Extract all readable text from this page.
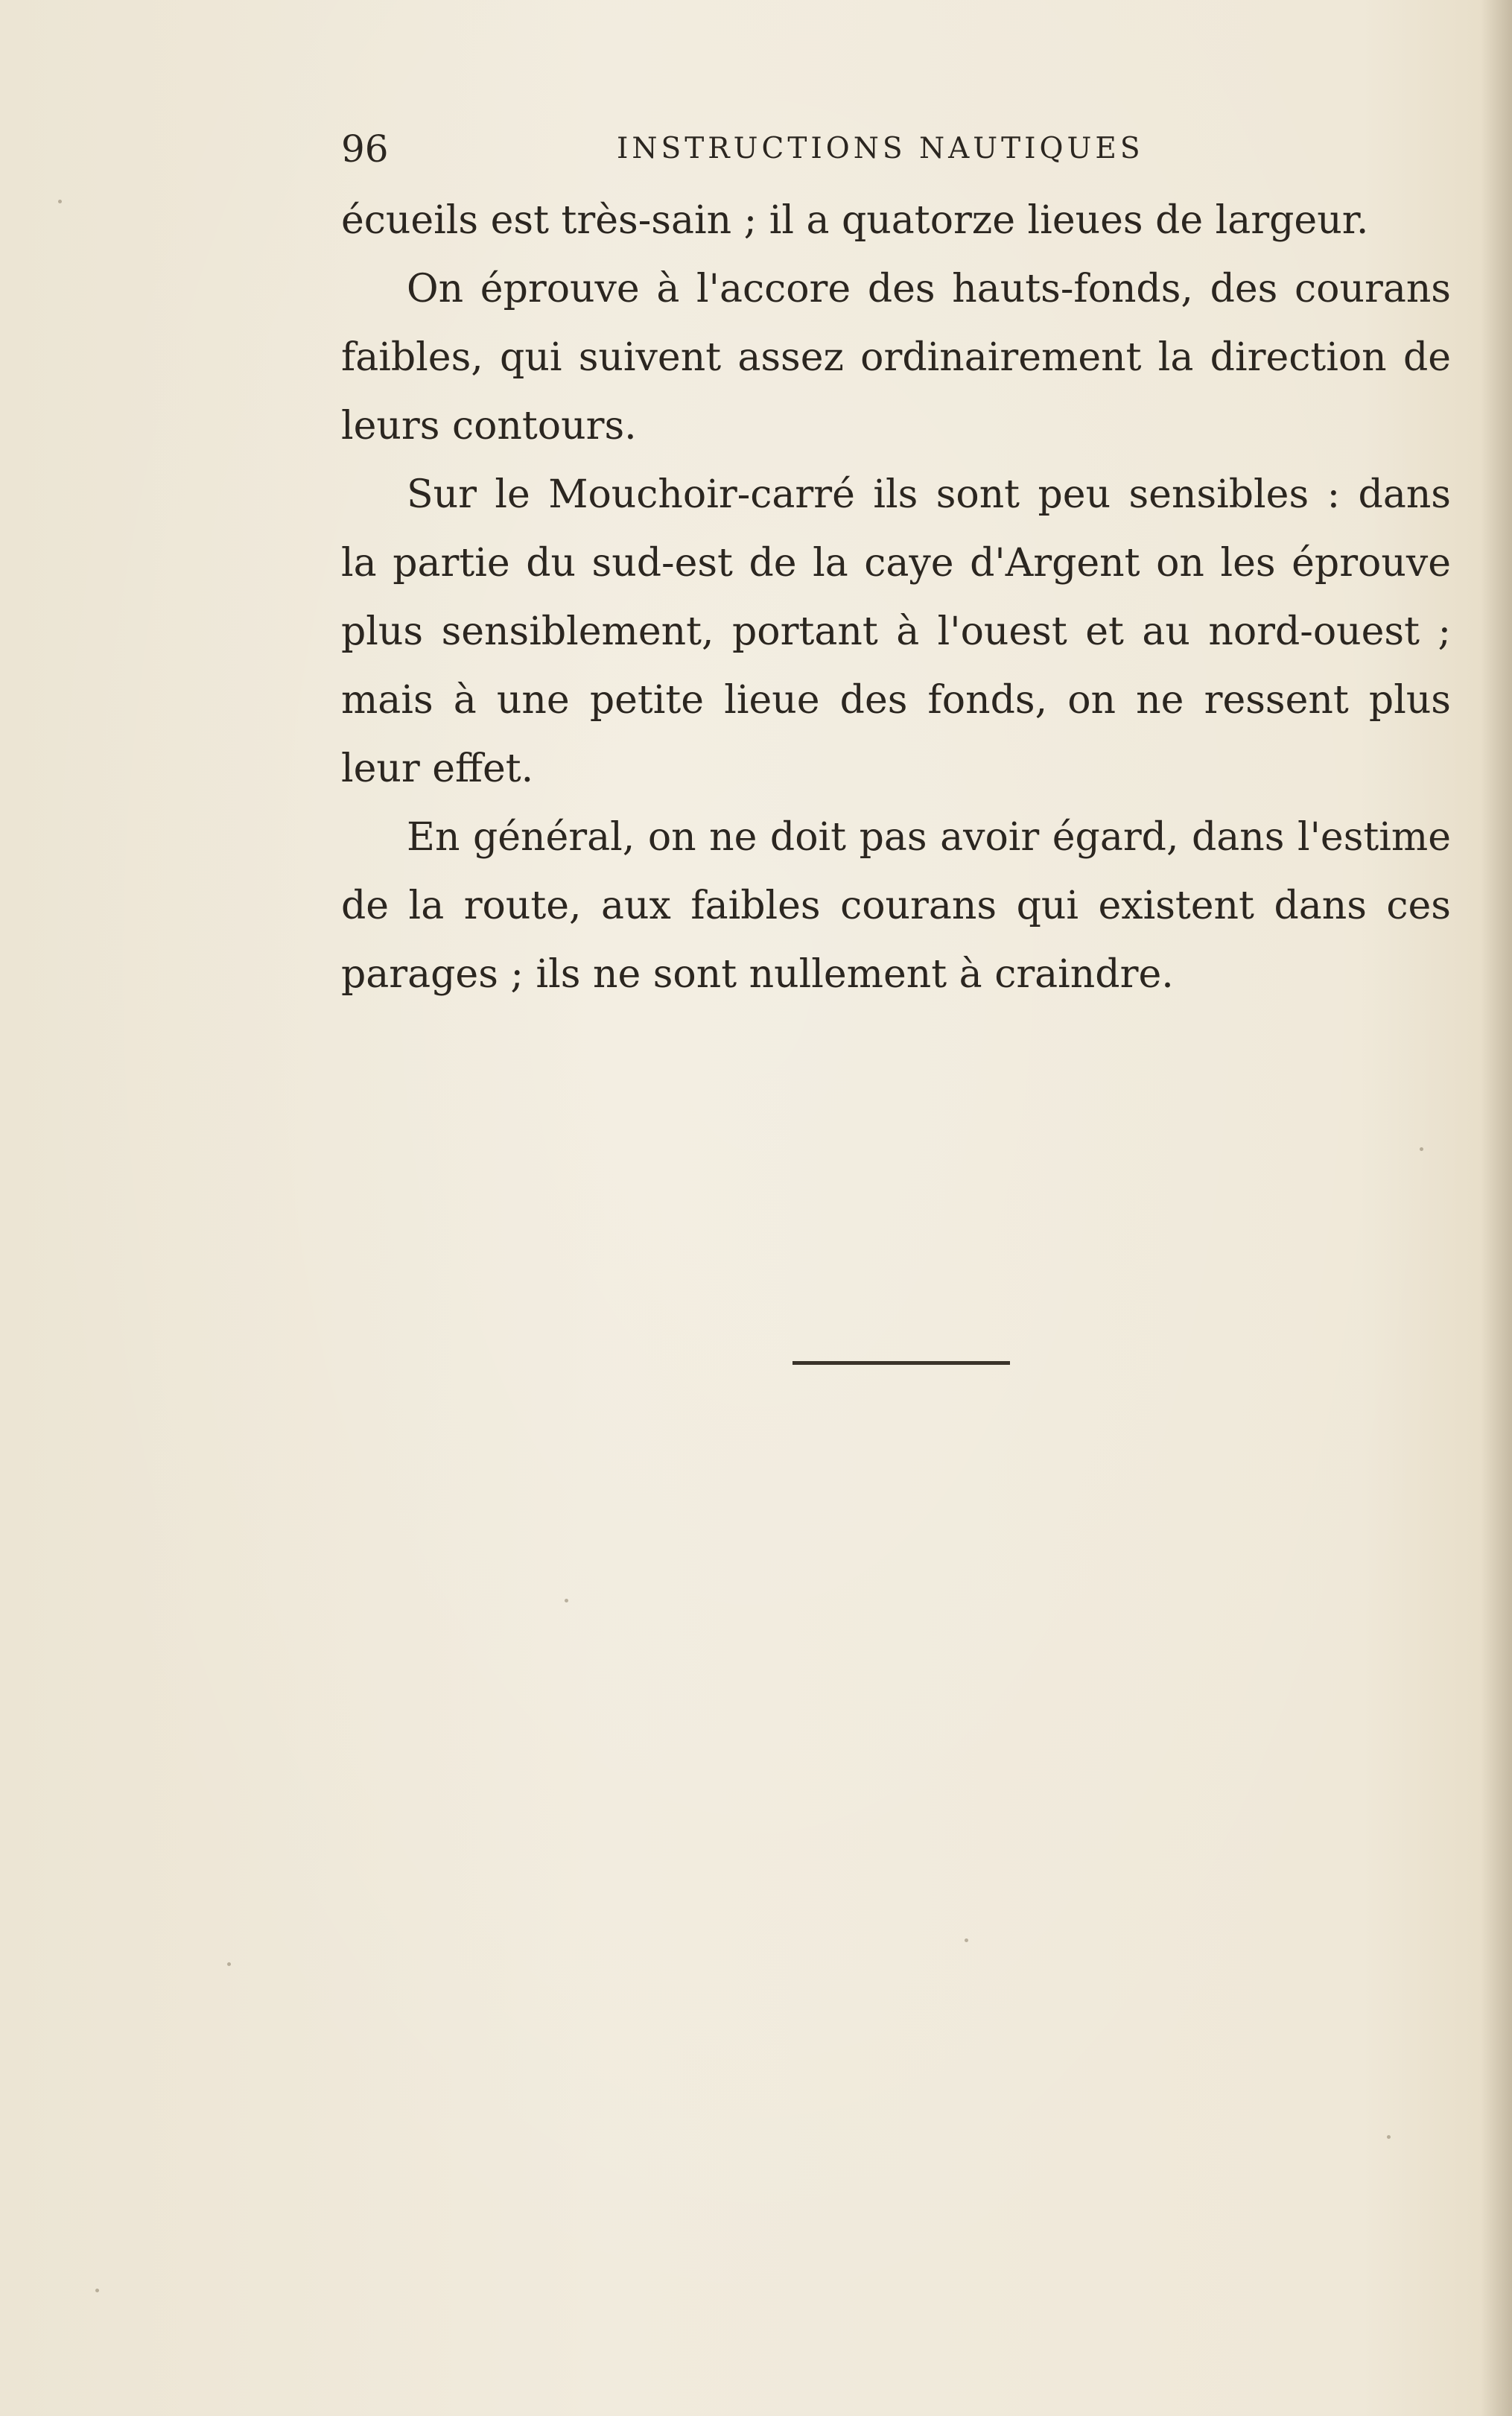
96	INSTRUCTIONS NAUTIQUES

écueils est très-sain ; il a quatorze lieues de largeur.

On éprouve à l'accore des hauts-fonds, des courans faibles, qui suivent assez ordinairement la direction de leurs contours.

Sur le Mouchoir-carré ils sont peu sensibles : dans la partie du sud-est de la caye d'Argent on les éprouve plus sensiblement, portant à l'ouest et au nord-ouest ; mais à une petite lieue des fonds, on ne ressent plus leur effet.

En général, on ne doit pas avoir égard, dans l'estime de la route, aux faibles courans qui existent dans ces parages ; ils ne sont nullement à craindre.
